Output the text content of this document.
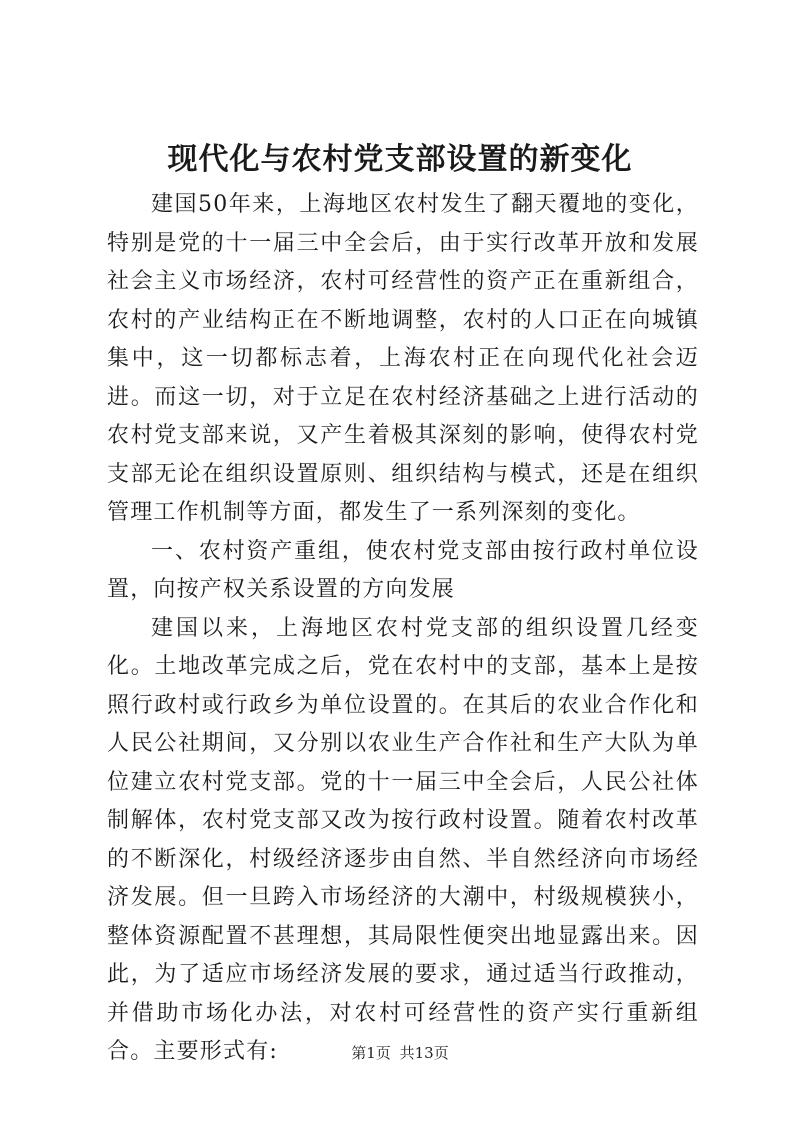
现代化与农村党支部设置的新变化

建国50年来，上海地区农村发生了翻天覆地的变化，特别是党的十一届三中全会后，由于实行改革开放和发展社会主义市场经济，农村可经营性的资产正在重新组合，农村的产业结构正在不断地调整，农村的人口正在向城镇集中，这一切都标志着，上海农村正在向现代化社会迈进。而这一切，对于立足在农村经济基础之上进行活动的农村党支部来说，又产生着极其深刻的影响，使得农村党支部无论在组织设置原则、组织结构与模式，还是在组织管理工作机制等方面，都发生了一系列深刻的变化。

一、农村资产重组，使农村党支部由按行政村单位设置，向按产权关系设置的方向发展

建国以来，上海地区农村党支部的组织设置几经变化。土地改革完成之后，党在农村中的支部，基本上是按照行政村或行政乡为单位设置的。在其后的农业合作化和人民公社期间，又分别以农业生产合作社和生产大队为单位建立农村党支部。党的十一届三中全会后，人民公社体制解体，农村党支部又改为按行政村设置。随着农村改革的不断深化，村级经济逐步由自然、半自然经济向市场经济发展。但一旦跨入市场经济的大潮中，村级规模狭小，整体资源配置不甚理想，其局限性便突出地显露出来。因此，为了适应市场经济发展的要求，通过适当行政推动，并借助市场化办法，对农村可经营性的资产实行重新组合。主要形式有:	第1页 共13页
